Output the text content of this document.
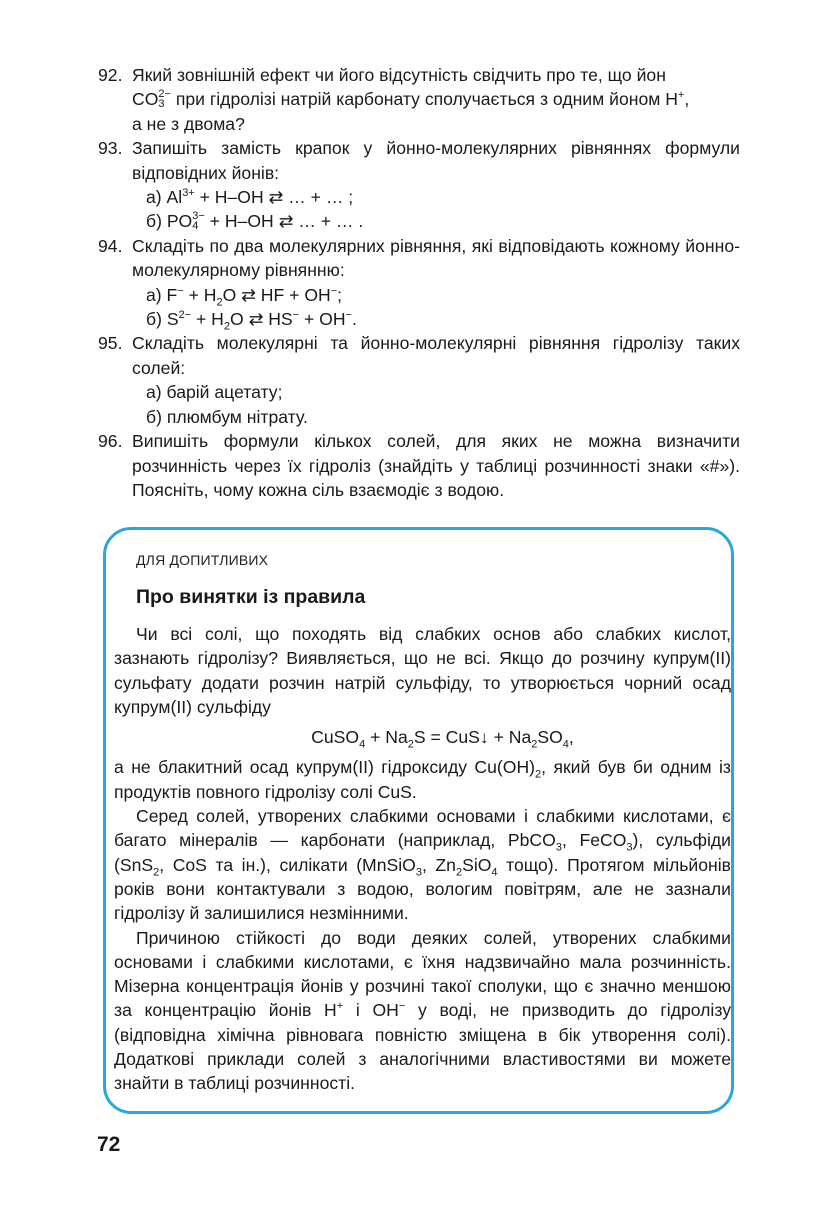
92. Який зовнішній ефект чи його відсутність свідчить про те, що йон
CO 2−
3 при гідролізі натрій карбонату сполучається з одним йоном H+,
а не з двома?
93. Запишіть замість крапок у йонно-молекулярних рівняннях формули відповідних йонів:
а) $Al^{3+} + H-OH$ ⇄ … + … ;
б) PO 3−
4 + H–OH ⇄ … + … .
94. Складіть по два молекулярних рівняння, які відповідають кожному йонно-молекулярному рівнянню:
а) $F^- + H_2O$ ⇄ HF + OH−;
б) $S^{2-} + H_2O$ ⇄ HS− + OH−.
95. Складіть молекулярні та йонно-молекулярні рівняння гідролізу таких солей:
а) барій ацетату;
б) плюмбум нітрату.
96. Випишіть формули кількох солей, для яких не можна визначити розчинність через їх гідроліз (знайдіть у таблиці розчинності знаки «#»). Поясніть, чому кожна сіль взаємодіє з водою.
ДЛЯ ДОПИТЛИВИХ
Про винятки із правила

Чи всі солі, що походять від слабких основ або слабких кислот, зазнають гідролізу? Виявляється, що не всі. Якщо до розчину купрум(ІІ) сульфату додати розчин натрій сульфіду, то утворюється чорний осад купрум(ІІ) сульфіду

CuSO$_4$ + $Na_2S$ = CuS↓ + $Na_2SO_4$,

а не блакитний осад купрум(ІІ) гідроксиду $Cu(OH)_2$, який був би одним із продуктів повного гідролізу солі CuS.

Серед солей, утворених слабкими основами і слабкими кислотами, є багато мінералів — карбонати (наприклад, PbCO$_3$, FeCO$_3$), сульфіди (SnS$_2$, CoS та ін.), силікати (MnSiO$_3$, $Zn_2SiO_4$ тощо). Протягом мільйонів років вони контактували з водою, вологим повітрям, але не зазнали гідролізу й залишилися незмінними.

Причиною стійкості до води деяких солей, утворених слабкими основами і слабкими кислотами, є їхня надзвичайно мала розчинність. Мізерна концентрація йонів у розчині такої сполуки, що є значно меншою за концентрацію йонів H+ і OH− у воді, не призводить до гідролізу (відповідна хімічна рівновага повністю зміщена в бік утворення солі). Додаткові приклади солей з аналогічними властивостями ви можете знайти в таблиці розчинності.

72
